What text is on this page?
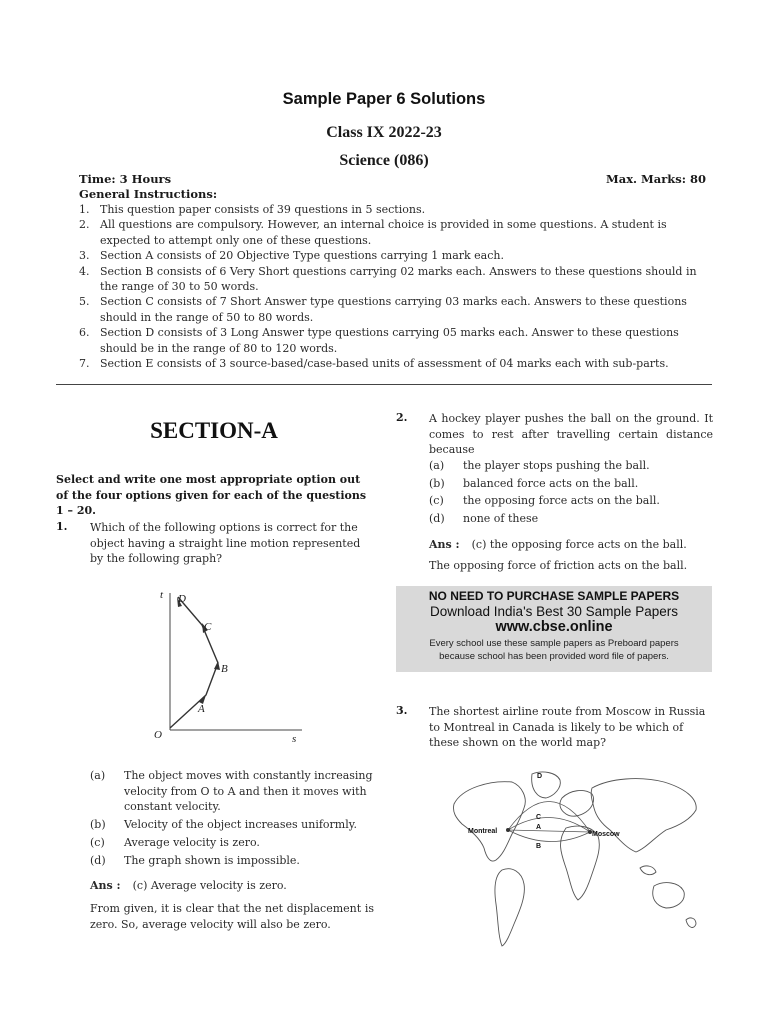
Sample Paper 6 Solutions
Class IX 2022-23
Science (086)
Time: 3 Hours	Max. Marks: 80
General Instructions:
1. This question paper consists of 39 questions in 5 sections.
2. All questions are compulsory. However, an internal choice is provided in some questions. A student is expected to attempt only one of these questions.
3. Section A consists of 20 Objective Type questions carrying 1 mark each.
4. Section B consists of 6 Very Short questions carrying 02 marks each. Answers to these questions should in the range of 30 to 50 words.
5. Section C consists of 7 Short Answer type questions carrying 03 marks each. Answers to these questions should in the range of 50 to 80 words.
6. Section D consists of 3 Long Answer type questions carrying 05 marks each. Answer to these questions should be in the range of 80 to 120 words.
7. Section E consists of 3 source-based/case-based units of assessment of 04 marks each with sub-parts.
SECTION-A
Select and write one most appropriate option out of the four options given for each of the questions 1 – 20.
1. Which of the following options is correct for the object having a straight line motion represented by the following graph?
t D
C
B
A
O	s
(a) The object moves with constantly increasing velocity from O to A and then it moves with constant velocity.
(b) Velocity of the object increases uniformly.
(c) Average velocity is zero.
(d) The graph shown is impossible.
Ans : (c) Average velocity is zero.
From given, it is clear that the net displacement is zero. So, average velocity will also be zero.
2. A hockey player pushes the ball on the ground. It comes to rest after travelling certain distance because
(a) the player stops pushing the ball.
(b) balanced force acts on the ball.
(c) the opposing force acts on the ball.
(d) none of these
Ans : (c) the opposing force acts on the ball.
The opposing force of friction acts on the ball.
NO NEED TO PURCHASE SAMPLE PAPERS
Download India's Best 30 Sample Papers
www.cbse.online
Every school use these sample papers as Preboard papers
because school has been provided word file of papers.
3. The shortest airline route from Moscow in Russia to Montreal in Canada is likely to be which of these shown on the world map?
Montreal	Moscow
D
C
A
B
